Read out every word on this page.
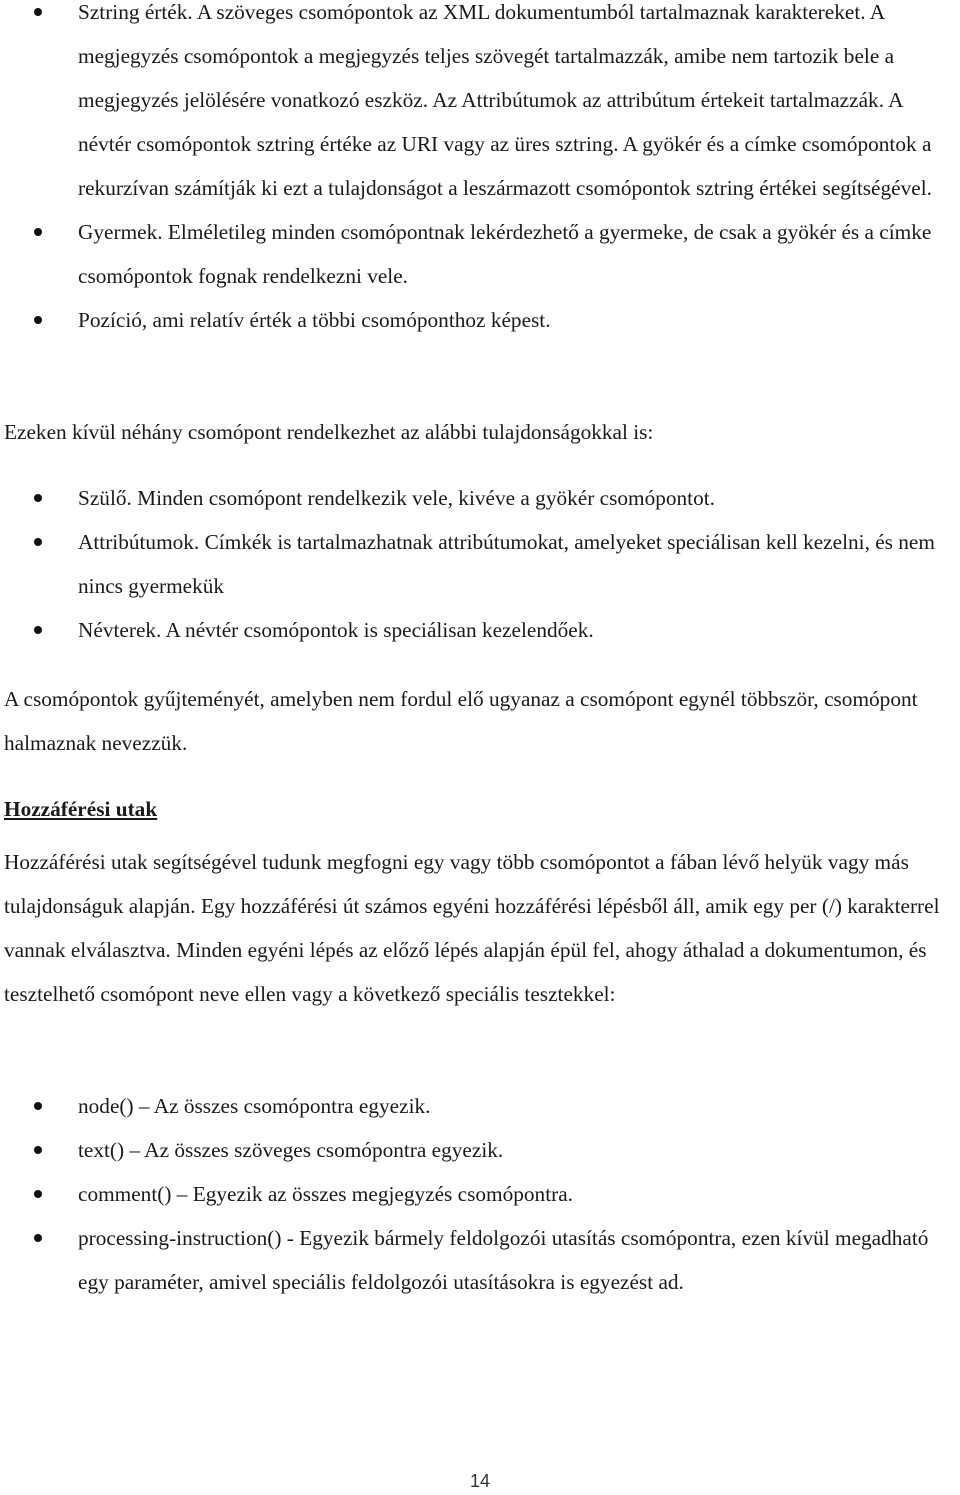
Sztring érték. A szöveges csomópontok az XML dokumentumból tartalmaznak karaktereket. A megjegyzés csomópontok a megjegyzés teljes szövegét tartalmazzák, amibe nem tartozik bele a megjegyzés jelölésére vonatkozó eszköz. Az Attribútumok az attribútum értekeit tartalmazzák. A névtér csomópontok sztring értéke az URI vagy az üres sztring. A gyökér és a címke csomópontok a rekurzívan számítják ki ezt a tulajdonságot a leszármazott csomópontok sztring értékei segítségével.
Gyermek. Elméletileg minden csomópontnak lekérdezhető a gyermeke, de csak a gyökér és a címke csomópontok fognak rendelkezni vele.
Pozíció, ami relatív érték a többi csomóponthoz képest.

Ezeken kívül néhány csomópont rendelkezhet az alábbi tulajdonságokkal is:

Szülő. Minden csomópont rendelkezik vele, kivéve a gyökér csomópontot.
Attribútumok. Címkék is tartalmazhatnak attribútumokat, amelyeket speciálisan kell kezelni, és nem nincs gyermekük
Névterek. A névtér csomópontok is speciálisan kezelendőek.

A csomópontok gyűjteményét, amelyben nem fordul elő ugyanaz a csomópont egynél többször, csomópont halmaznak nevezzük.

Hozzáférési utak

Hozzáférési utak segítségével tudunk megfogni egy vagy több csomópontot a fában lévő helyük vagy más tulajdonságuk alapján. Egy hozzáférési út számos egyéni hozzáférési lépésből áll, amik egy per (/) karakterrel vannak elválasztva. Minden egyéni lépés az előző lépés alapján épül fel, ahogy áthalad a dokumentumon, és tesztelhető csomópont neve ellen vagy a következő speciális tesztekkel:

node() – Az összes csomópontra egyezik.
text() – Az összes szöveges csomópontra egyezik.
comment() – Egyezik az összes megjegyzés csomópontra.
processing-instruction() - Egyezik bármely feldolgozói utasítás csomópontra, ezen kívül megadható egy paraméter, amivel speciális feldolgozói utasításokra is egyezést ad.
14
